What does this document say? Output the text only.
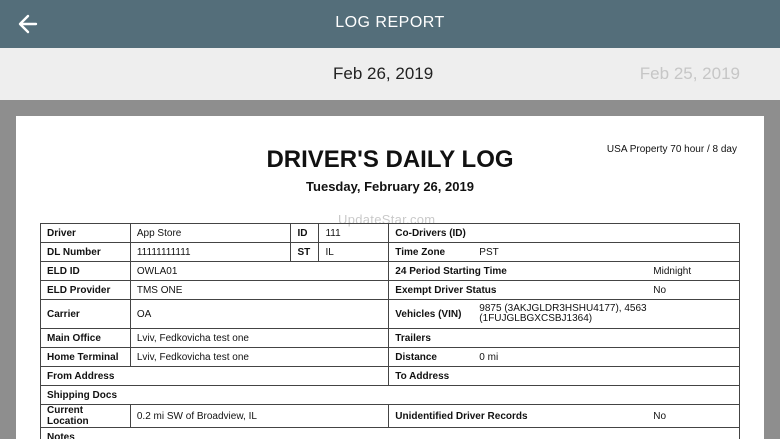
LOG REPORT
Feb 26, 2019	Feb 25, 2019
USA Property 70 hour / 8 day
DRIVER'S DAILY LOG
Tuesday, February 26, 2019
UpdateStar.com
Driver	App Store	ID	111	Co-Drivers (ID)
DL Number	11111111111	ST	IL	Time Zone PST
ELD ID	OWLA01			24 Period Starting Time Midnight
ELD Provider	TMS ONE			Exempt Driver Status No
Carrier	OA			Vehicles (VIN) 9875 (3AKJGLDR3HSHU4177), 4563
(1FUJGLBGXCSBJ1364)

Main Office	Lviv, Fedkovicha test one			Trailers
Home Terminal	Lviv, Fedkovicha test one			Distance 0 mi
From Address				To Address
Shipping Docs				
Current Location	0.2 mi SW of Broadview, IL			Unidentified Driver Records No
Notes				
